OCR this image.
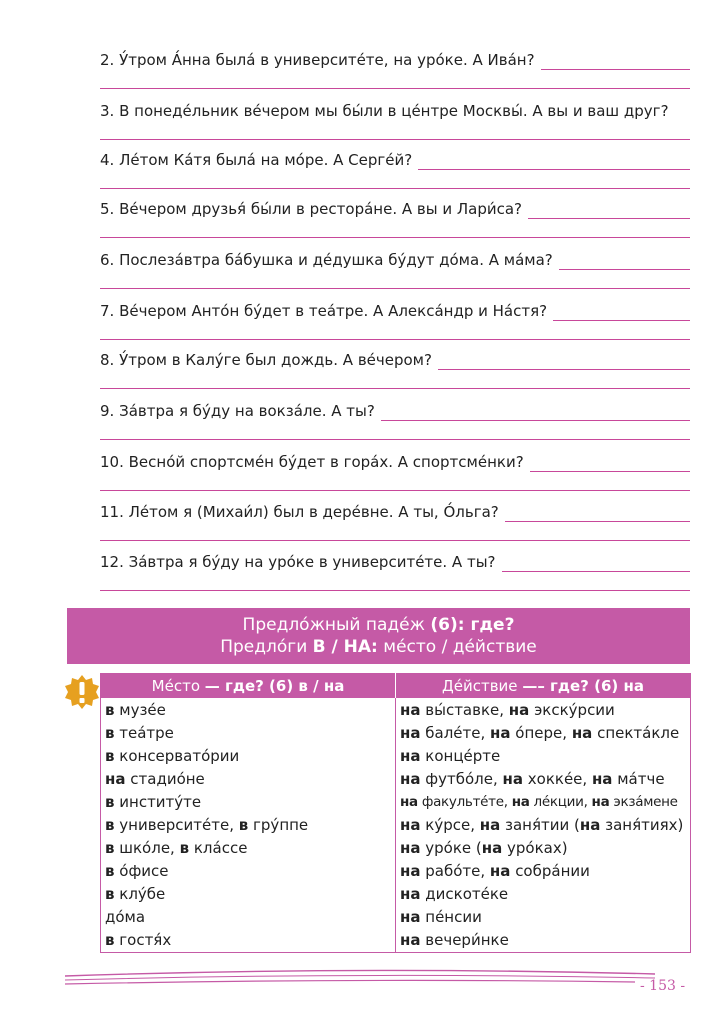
2. У́тром А́нна была́ в университе́те, на уро́ке. А Ива́н?
3. В понеде́льник ве́чером мы бы́ли в це́нтре Москвы́. А вы и ваш друг?
4. Ле́том Ка́тя была́ на мо́ре. А Серге́й?
5. Ве́чером друзья́ бы́ли в рестора́не. А вы и Лари́са?
6. Послеза́втра ба́бушка и де́душка бу́дут до́ма. А ма́ма?
7. Ве́чером Анто́н бу́дет в теа́тре. А Алекса́ндр и На́стя?
8. У́тром в Калу́ге был дождь. А ве́чером?
9. За́втра я бу́ду на вокза́ле. А ты?
10. Весно́й спортсме́н бу́дет в гора́х. А спортсме́нки?
11. Ле́том я (Михаи́л) был в дере́вне. А ты, О́льга?
12. За́втра я бу́ду на уро́ке в университе́те. А ты?
Предло́жный паде́ж (6): где?
Предло́ги В / НА: ме́сто / де́йствие
Ме́сто — где? (6) в / на	Де́йствие —– где? (6) на
в музе́е	на вы́ставке, на экску́рсии
в теа́тре	на бале́те, на о́пере, на спекта́кле
в консервато́рии	на конце́рте
на стадио́не	на футбо́ле, на хокке́е, на ма́тче
в институ́те	на факульте́те, на ле́кции, на экза́мене
в университе́те, в гру́ппе	на ку́рсе, на заня́тии (на заня́тиях)
в шко́ле, в кла́ссе	на уро́ке (на уро́ках)
в о́фисе	на рабо́те, на собра́нии
в клу́бе	на дискоте́ке
до́ма	на пе́нсии
в гостя́х	на вечери́нке
- 153 -
